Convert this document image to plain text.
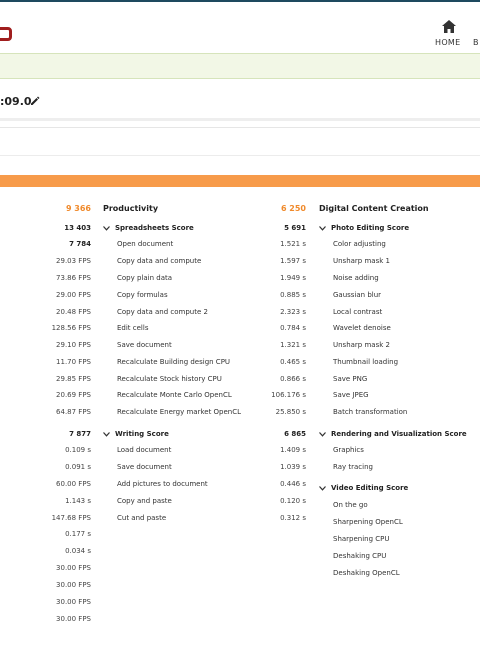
HOME B
:09.0
9 366
13 403
7 784
29.03 FPS
73.86 FPS
29.00 FPS
20.48 FPS
128.56 FPS
29.10 FPS
11.70 FPS
29.85 FPS
20.69 FPS
64.87 FPS
7 877
0.109 s
0.091 s
60.00 FPS
1.143 s
147.68 FPS
0.177 s
0.034 s
30.00 FPS
30.00 FPS
30.00 FPS
30.00 FPS
Productivity
Spreadsheets Score
Open document
Copy data and compute
Copy plain data
Copy formulas
Copy data and compute 2
Edit cells
Save document
Recalculate Building design CPU
Recalculate Stock history CPU
Recalculate Monte Carlo OpenCL
Recalculate Energy market OpenCL
Writing Score
Load document
Save document
Add pictures to document
Copy and paste
Cut and paste
6 250
5 691
1.521 s
1.597 s
1.949 s
0.885 s
2.323 s
0.784 s
1.321 s
0.465 s
0.866 s
106.176 s
25.850 s
6 865
1.409 s
1.039 s
0.446 s
0.120 s
0.312 s
Digital Content Creation
Photo Editing Score
Color adjusting
Unsharp mask 1
Noise adding
Gaussian blur
Local contrast
Wavelet denoise
Unsharp mask 2
Thumbnail loading
Save PNG
Save JPEG
Batch transformation
Rendering and Visualization Score
Graphics
Ray tracing
Video Editing Score
On the go
Sharpening OpenCL
Sharpening CPU
Deshaking CPU
Deshaking OpenCL
